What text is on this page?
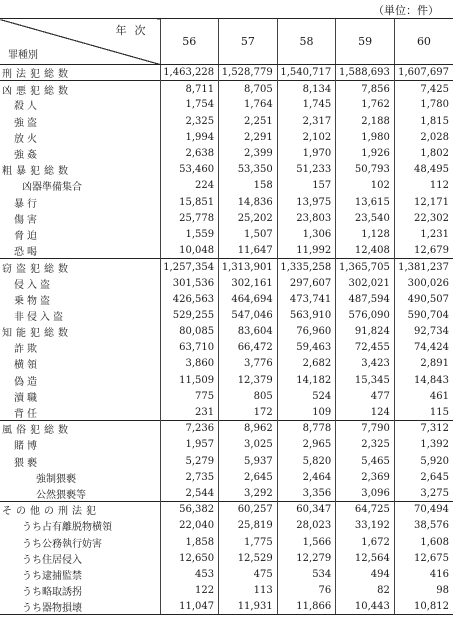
（単位：件）
年次
罪種別	56	57	58	59	60
刑法犯総数	1,463,228	1,528,779	1,540,717	1,588,693	1,607,697
凶悪犯総数	8,711	8,705	8,134	7,856	7,425
殺人	1,754	1,764	1,745	1,762	1,780
強盗	2,325	2,251	2,317	2,188	1,815
放火	1,994	2,291	2,102	1,980	2,028
強姦	2,638	2,399	1,970	1,926	1,802
粗暴犯総数	53,460	53,350	51,233	50,793	48,495
凶器準備集合	224	158	157	102	112
暴行	15,851	14,836	13,975	13,615	12,171
傷害	25,778	25,202	23,803	23,540	22,302
脅迫	1,559	1,507	1,306	1,128	1,231
恐喝	10,048	11,647	11,992	12,408	12,679
窃盗犯総数	1,257,354	1,313,901	1,335,258	1,365,705	1,381,237
侵入盗	301,536	302,161	297,607	302,021	300,026
乗物盗	426,563	464,694	473,741	487,594	490,507
非侵入盗	529,255	547,046	563,910	576,090	590,704
知能犯総数	80,085	83,604	76,960	91,824	92,734
詐欺	63,710	66,472	59,463	72,455	74,424
横領	3,860	3,776	2,682	3,423	2,891
偽造	11,509	12,379	14,182	15,345	14,843
瀆職	775	805	524	477	461
背任	231	172	109	124	115
風俗犯総数	7,236	8,962	8,778	7,790	7,312
賭博	1,957	3,025	2,965	2,325	1,392
猥褻	5,279	5,937	5,820	5,465	5,920
強制猥褻	2,735	2,645	2,464	2,369	2,645
公然猥褻等	2,544	3,292	3,356	3,096	3,275
その他の刑法犯	56,382	60,257	60,347	64,725	70,494
うち占有離脱物横領	22,040	25,819	28,023	33,192	38,576
うち公務執行妨害	1,858	1,775	1,566	1,672	1,608
うち住居侵入	12,650	12,529	12,279	12,564	12,675
うち逮捕監禁	453	475	534	494	416
うち略取誘拐	122	113	76	82	98
うち器物損壊	11,047	11,931	11,866	10,443	10,812
